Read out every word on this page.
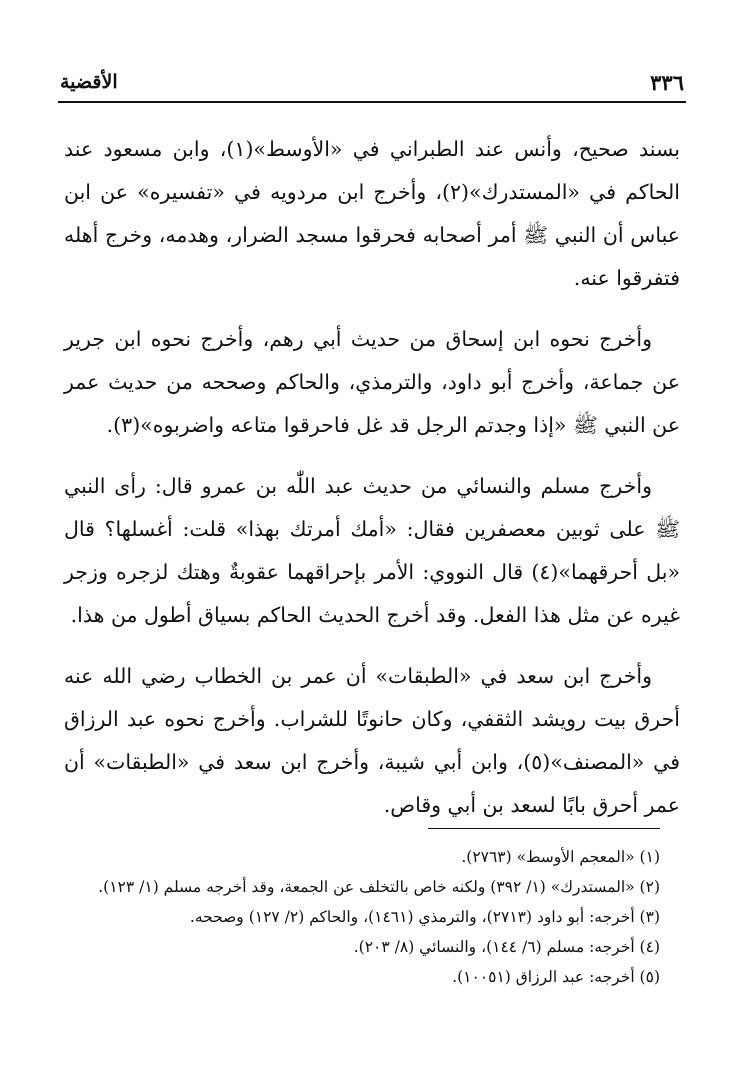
٣٣٦
الأقضية

بسند صحيح، وأنس عند الطبراني في «الأوسط»(١)، وابن مسعود عند الحاكم في «المستدرك»(٢)، وأخرج ابن مردويه في «تفسيره» عن ابن عباس أن النبي ﷺ أمر أصحابه فحرقوا مسجد الضرار، وهدمه، وخرج أهله فتفرقوا عنه.

وأخرج نحوه ابن إسحاق من حديث أبي رهم، وأخرج نحوه ابن جرير عن جماعة، وأخرج أبو داود، والترمذي، والحاكم وصححه من حديث عمر عن النبي ﷺ «إذا وجدتم الرجل قد غل فاحرقوا متاعه واضربوه»(٣).

وأخرج مسلم والنسائي من حديث عبد اللّٰه بن عمرو قال: رأى النبي ﷺ على ثوبين معصفرين فقال: «أمك أمرتك بهذا» قلت: أغسلها؟ قال «بل أحرقهما»(٤) قال النووي: الأمر بإحراقهما عقوبةٌ وهتك لزجره وزجر غيره عن مثل هذا الفعل. وقد أخرج الحديث الحاكم بسياق أطول من هذا.

وأخرج ابن سعد في «الطبقات» أن عمر بن الخطاب رضي الله عنه أحرق بيت رويشد الثقفي، وكان حانوتًا للشراب. وأخرج نحوه عبد الرزاق في «المصنف»(٥)، وابن أبي شيبة، وأخرج ابن سعد في «الطبقات» أن عمر أحرق بابًا لسعد بن أبي وقاص.

(١) «المعجم الأوسط» (٢٧٦٣).

(٢) «المستدرك» (١/ ٣٩٢) ولكنه خاص بالتخلف عن الجمعة، وقد أخرجه مسلم (١/ ١٢٣).

(٣) أخرجه: أبو داود (٢٧١٣)، والترمذي (١٤٦١)، والحاكم (٢/ ١٢٧) وصححه.

(٤) أخرجه: مسلم (٦/ ١٤٤)، والنسائي (٨/ ٢٠٣).

(٥) أخرجه: عبد الرزاق (١٠٠٥١).
